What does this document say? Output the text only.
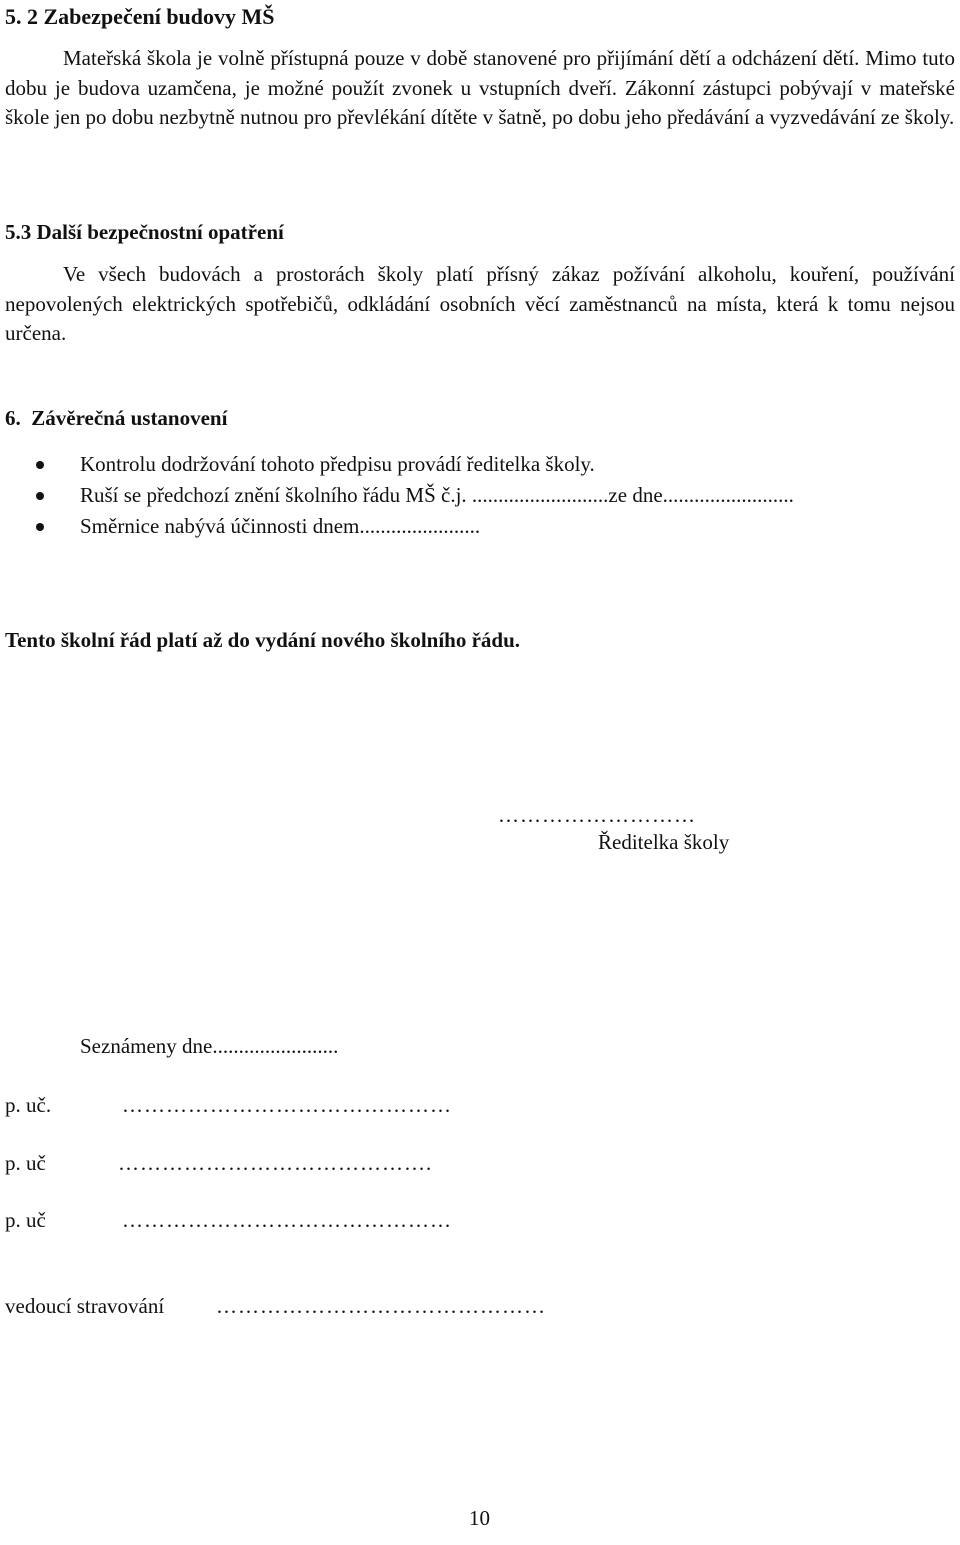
5. 2 Zabezpečení budovy MŠ

Mateřská škola je volně přístupná pouze v době stanovené pro přijímání dětí a odcházení dětí. Mimo tuto dobu je budova uzamčena, je možné použít zvonek u vstupních dveří. Zákonní zástupci pobývají v mateřské škole jen po dobu nezbytně nutnou pro převlékání dítěte v šatně, po dobu jeho předávání a vyzvedávání ze školy.

5.3 Další bezpečnostní opatření

Ve všech budovách a prostorách školy platí přísný zákaz požívání alkoholu, kouření, používání nepovolených elektrických spotřebičů, odkládání osobních věcí zaměstnanců na místa, která k tomu nejsou určena.

6.  Závěrečná ustanovení
Kontrolu dodržování tohoto předpisu provádí ředitelka školy.
Ruší se předchozí znění školního řádu MŠ č.j. ..........................ze dne.........................
Směrnice nabývá účinnosti dnem.......................
Tento školní řád platí až do vydání nového školního řádu.
………………………
Ředitelka školy
Seznámeny dne........................
p. uč.	………………………………………
p. uč	…………………………………….
p. uč	………………………………………
vedoucí stravování ………………………………………
10
